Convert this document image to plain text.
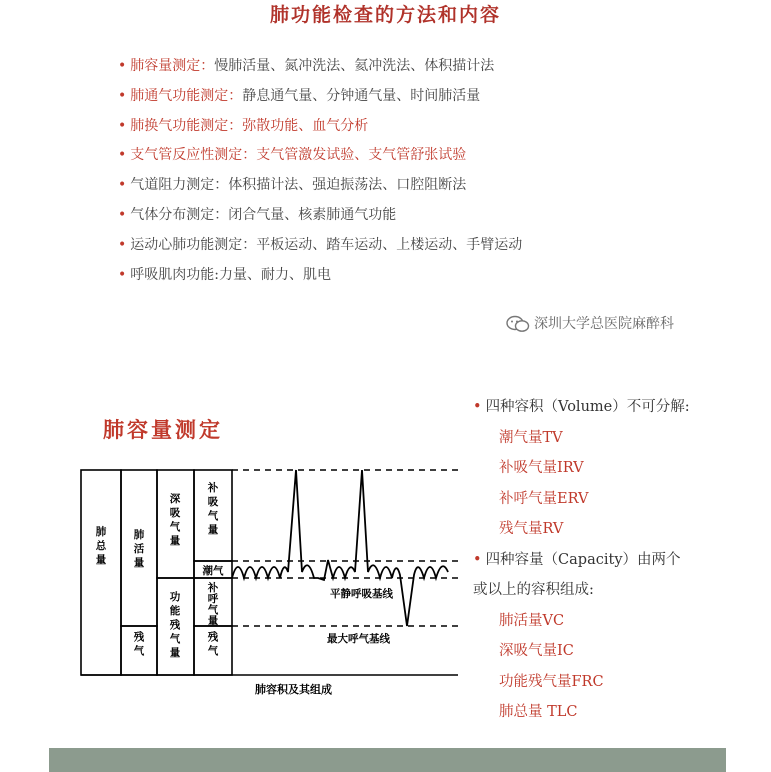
肺功能检查的方法和内容
• 肺容量测定：慢肺活量、氮冲洗法、氦冲洗法、体积描计法
• 肺通气功能测定：静息通气量、分钟通气量、时间肺活量
• 肺换气功能测定：弥散功能、血气分析
• 支气管反应性测定：支气管激发试验、支气管舒张试验
• 气道阻力测定：体积描计法、强迫振荡法、口腔阻断法
• 气体分布测定：闭合气量、核素肺通气功能
• 运动心肺功能测定：平板运动、踏车运动、上楼运动、手臂运动
• 呼吸肌肉功能:力量、耐力、肌电
深圳大学总医院麻醉科
肺容量测定
肺总量
肺活量
残气
深吸气量
功能残气量
补吸气量
补呼气量
残气
潮气
平静呼吸基线
最大呼气基线
肺容积及其组成
• 四种容积（Volume）不可分解:
潮气量TV
补吸气量IRV
补呼气量ERV
残气量RV
• 四种容量（Capacity）由两个
或以上的容积组成:
肺活量VC
深吸气量IC
功能残气量FRC
肺总量 TLC
